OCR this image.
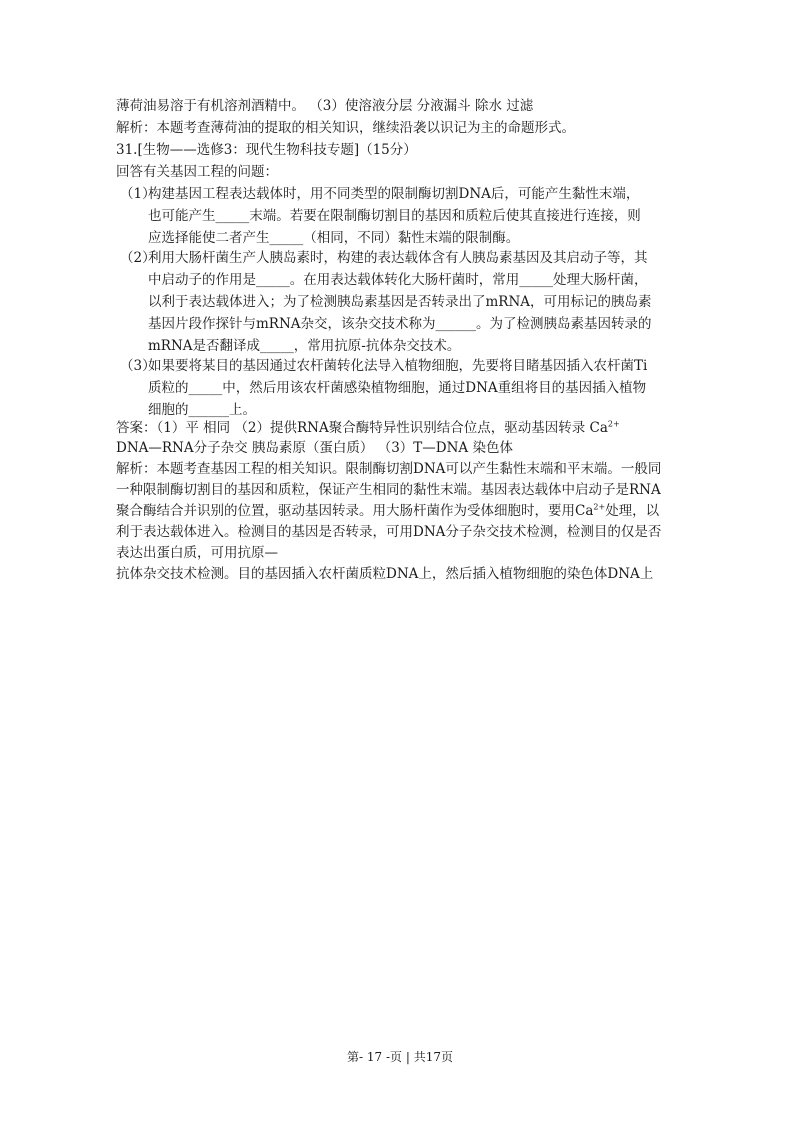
薄荷油易溶于有机溶剂酒精中。 （3）使溶液分层 分液漏斗 除水 过滤
解析：本题考查薄荷油的提取的相关知识，继续沿袭以识记为主的命题形式。
31.[生物——选修3：现代生物科技专题]（15分）
回答有关基因工程的问题：
（1）
构建基因工程表达载体时，用不同类型的限制酶切割DNA后，可能产生黏性末端，
也可能产生_____末端。若要在限制酶切割目的基因和质粒后使其直接进行连接，则
应选择能使二者产生_____（相同，不同）黏性末端的限制酶。
（2）
利用大肠杆菌生产人胰岛素时，构建的表达载体含有人胰岛素基因及其启动子等，其
中启动子的作用是_____。在用表达载体转化大肠杆菌时，常用_____处理大肠杆菌，
以利于表达载体进入；为了检测胰岛素基因是否转录出了mRNA，可用标记的胰岛素
基因片段作探针与mRNA杂交，该杂交技术称为______。为了检测胰岛素基因转录的
mRNA是否翻译成_____，常用抗原-抗体杂交技术。
（3）
如果要将某目的基因通过农杆菌转化法导入植物细胞，先要将目睹基因插入农杆菌Ti
质粒的_____中，然后用该农杆菌感染植物细胞，通过DNA重组将目的基因插入植物
细胞的______上。
答案：（1）平 相同 （2）提供RNA聚合酶特异性识别结合位点，驱动基因转录 $Ca^{2+}$
DNA—RNA分子杂交 胰岛素原（蛋白质） （3）T—DNA 染色体
解析：本题考查基因工程的相关知识。限制酶切割DNA可以产生黏性末端和平末端。一般同
一种限制酶切割目的基因和质粒，保证产生相同的黏性末端。基因表达载体中启动子是RNA
聚合酶结合并识别的位置，驱动基因转录。用大肠杆菌作为受体细胞时，要用$Ca^{2+}$处理，以
利于表达载体进入。检测目的基因是否转录，可用DNA分子杂交技术检测，检测目的仅是否
表达出蛋白质，可用抗原—
抗体杂交技术检测。目的基因插入农杆菌质粒DNA上，然后插入植物细胞的染色体DNA上
第- 17 -页 | 共17页
